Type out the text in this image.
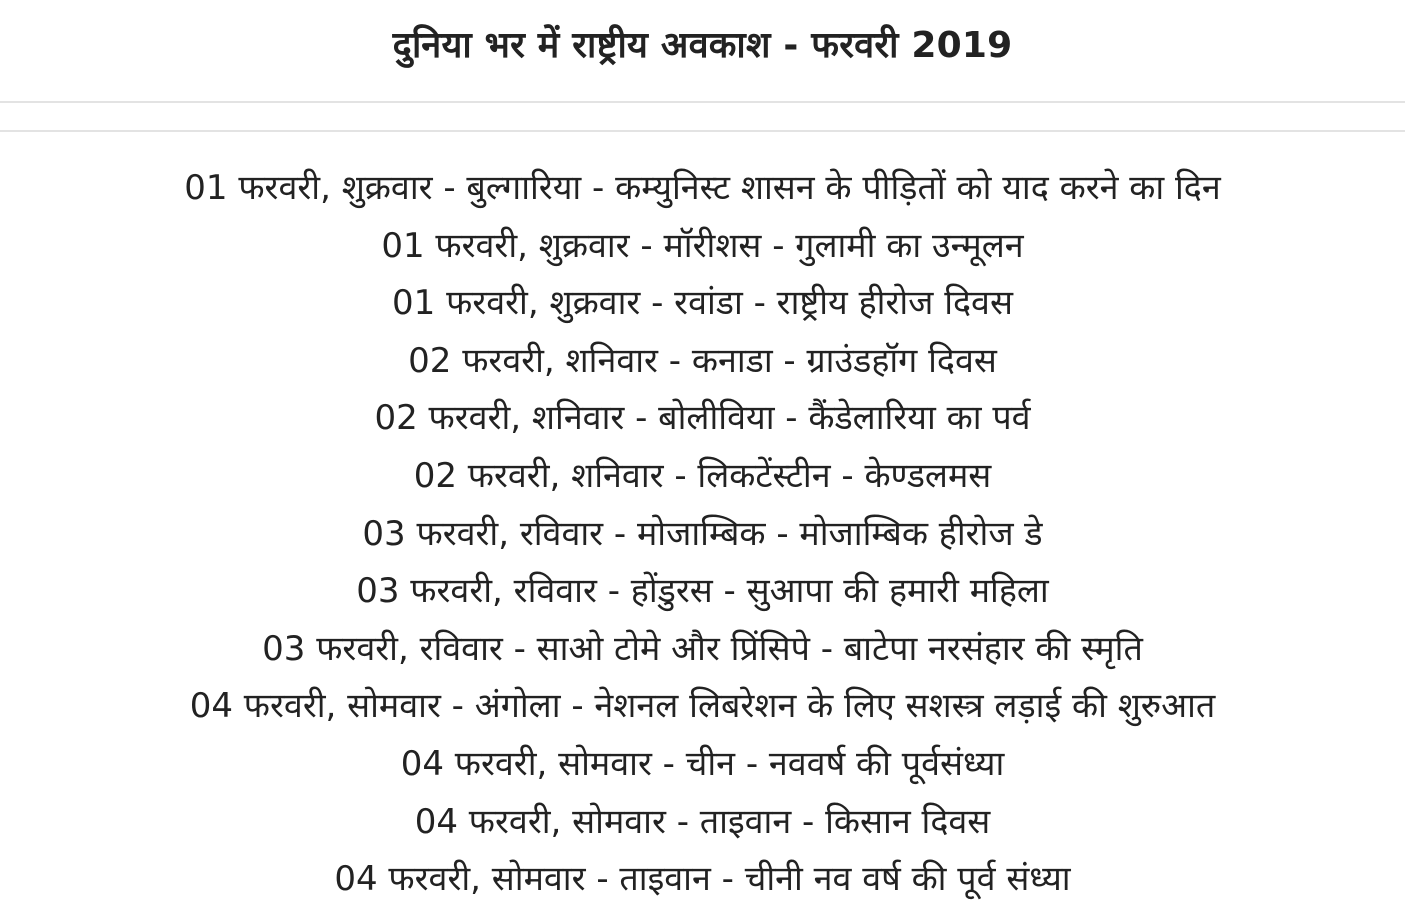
दुनिया भर में राष्ट्रीय अवकाश - फरवरी 2019
01 फरवरी, शुक्रवार - बुल्गारिया - कम्युनिस्ट शासन के पीड़ितों को याद करने का दिन
01 फरवरी, शुक्रवार - मॉरीशस - गुलामी का उन्मूलन
01 फरवरी, शुक्रवार - रवांडा - राष्ट्रीय हीरोज दिवस
02 फरवरी, शनिवार - कनाडा - ग्राउंडहॉग दिवस
02 फरवरी, शनिवार - बोलीविया - कैंडेलारिया का पर्व
02 फरवरी, शनिवार - लिकटेंस्टीन - केण्डलमस
03 फरवरी, रविवार - मोजाम्बिक - मोजाम्बिक हीरोज डे
03 फरवरी, रविवार - होंडुरस - सुआपा की हमारी महिला
03 फरवरी, रविवार - साओ टोमे और प्रिंसिपे - बाटेपा नरसंहार की स्मृति
04 फरवरी, सोमवार - अंगोला - नेशनल लिबरेशन के लिए सशस्त्र लड़ाई की शुरुआत
04 फरवरी, सोमवार - चीन - नववर्ष की पूर्वसंध्या
04 फरवरी, सोमवार - ताइवान - किसान दिवस
04 फरवरी, सोमवार - ताइवान - चीनी नव वर्ष की पूर्व संध्या
